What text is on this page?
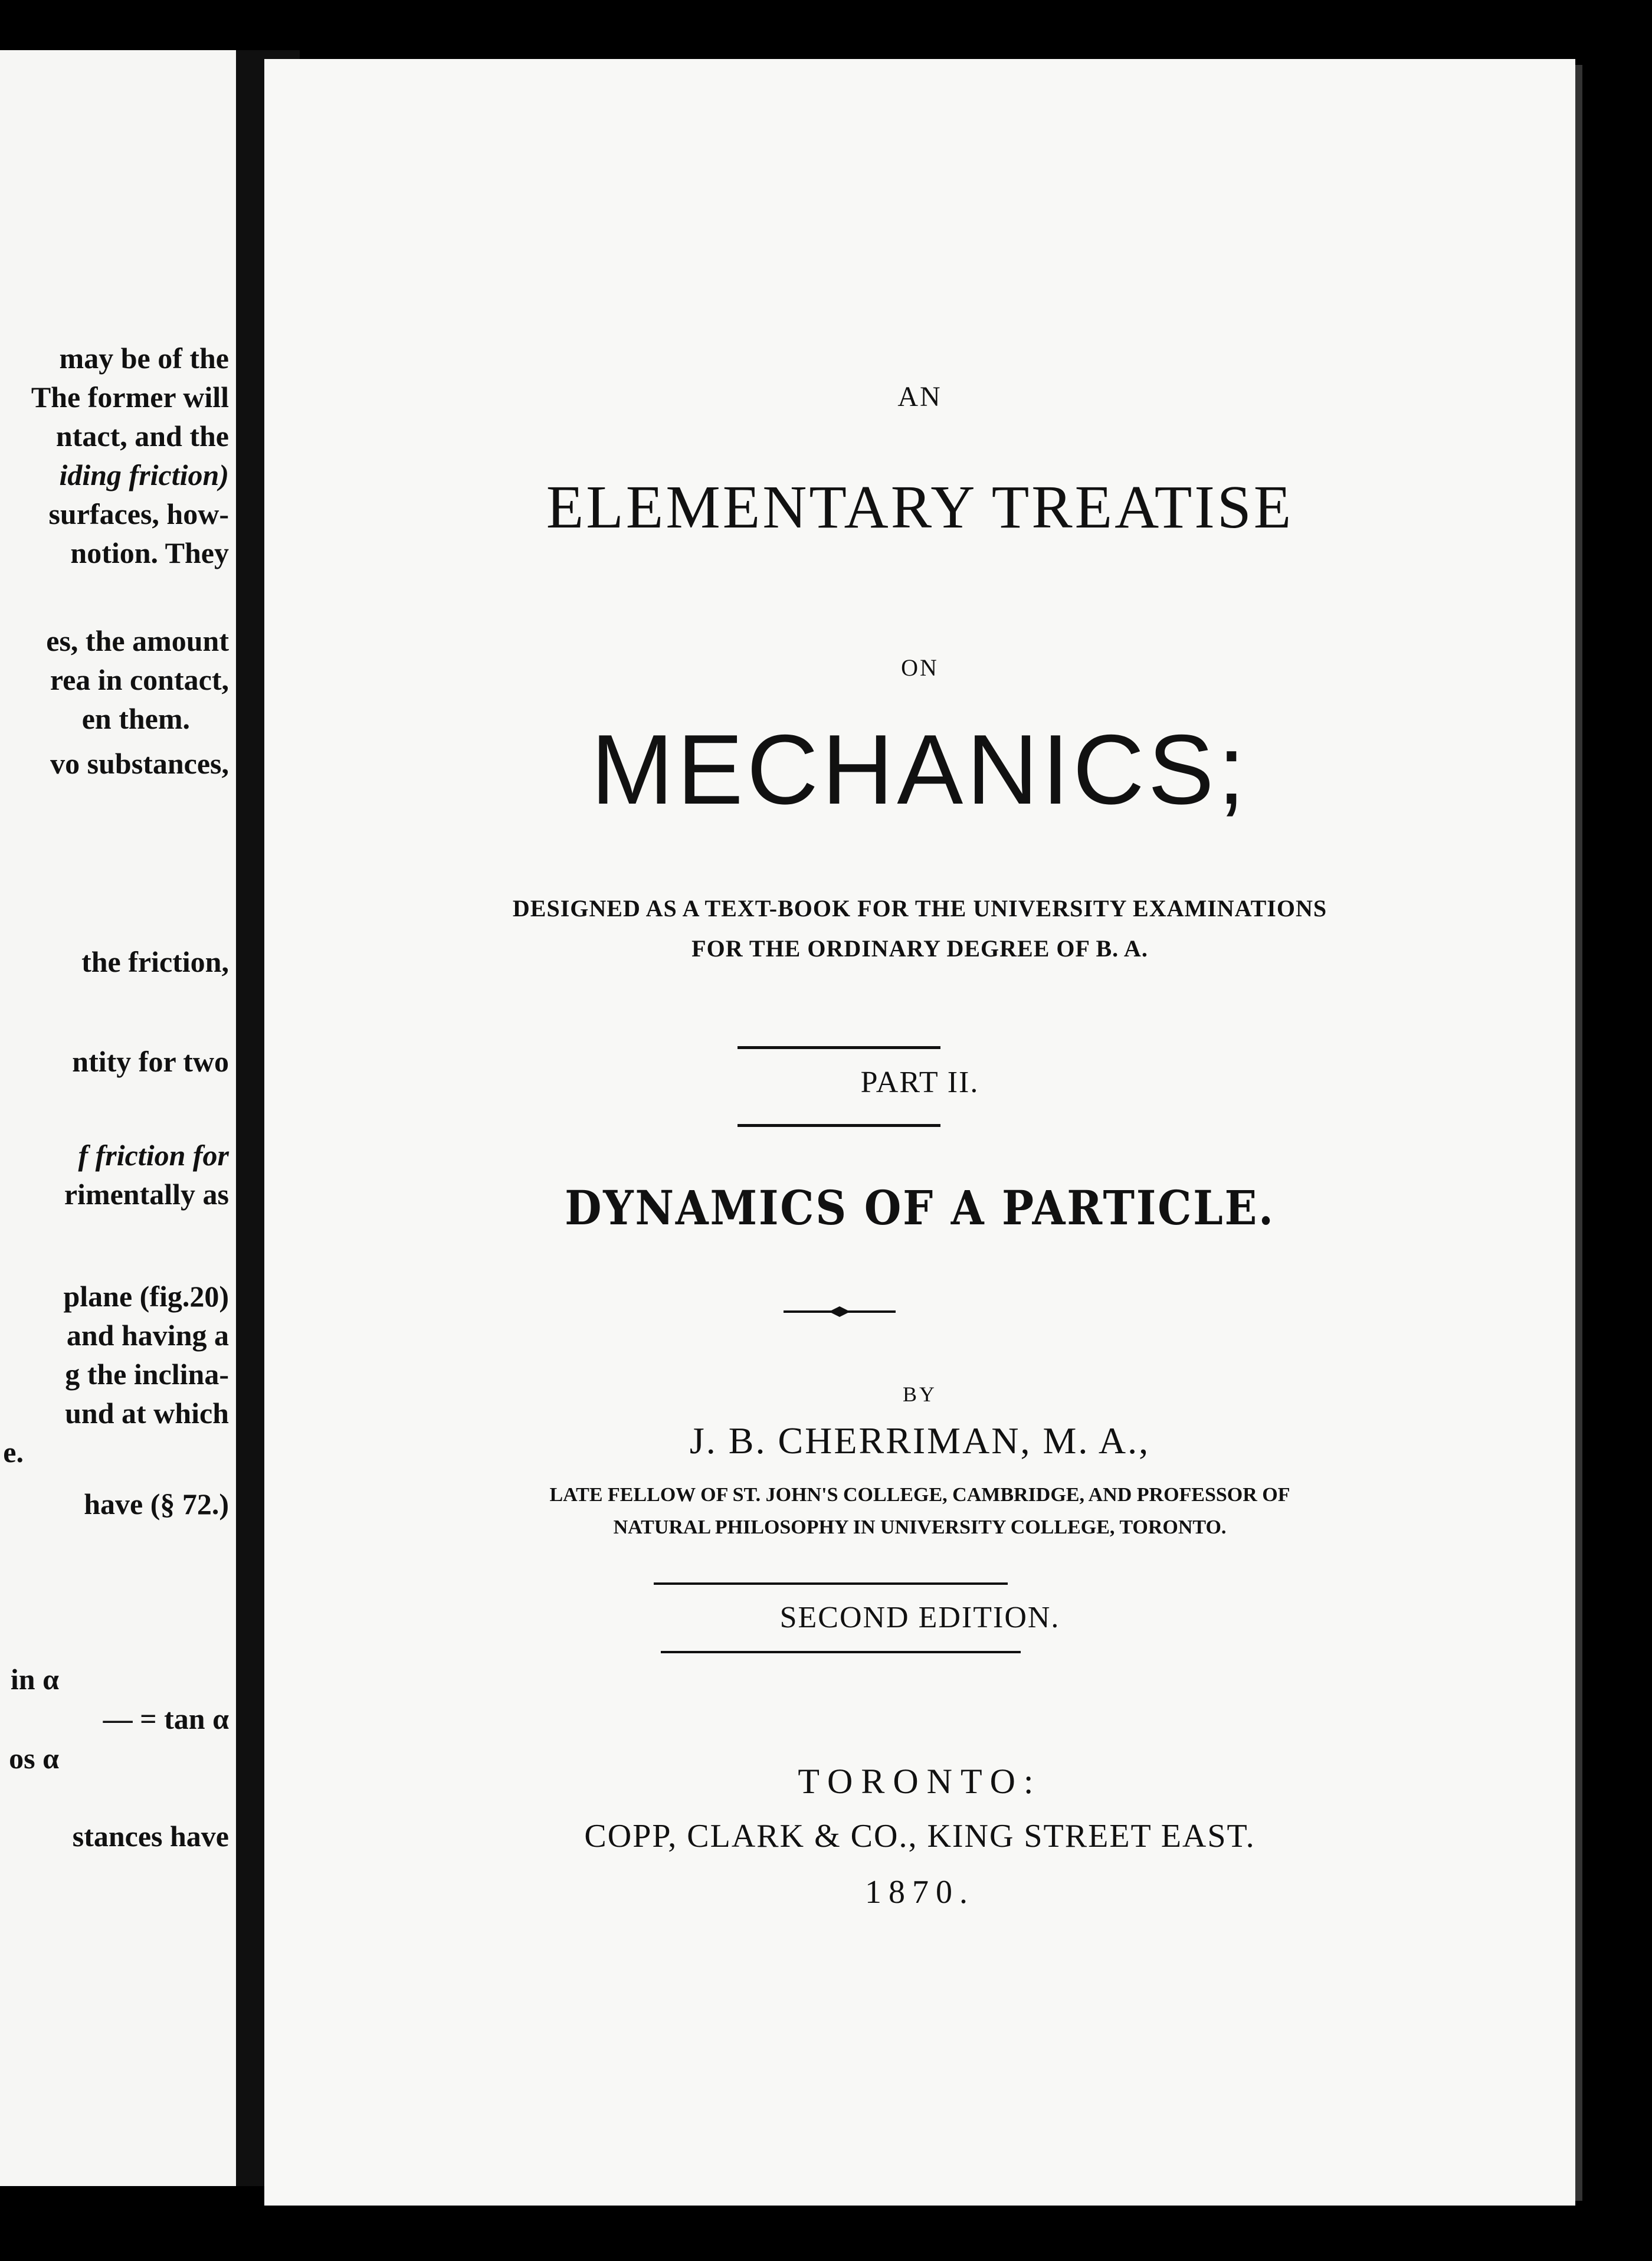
may be of the
The former will
ntact, and the
iding friction)
surfaces, how-
notion. They
es, the amount
rea in contact,
en them.
vo substances,
the friction,
ntity for two
f friction for
rimentally as
plane (fig.20)
and having a
g the inclina-
und at which
e.
have (§ 72.)
in α
— = tan α
os α
stances have
AN
ELEMENTARY TREATISE
ON
MECHANICS;
DESIGNED AS A TEXT-BOOK FOR THE UNIVERSITY EXAMINATIONS
FOR THE ORDINARY DEGREE OF B. A.
PART II.
DYNAMICS OF A PARTICLE.
BY
J. B. CHERRIMAN, M. A.,
LATE FELLOW OF ST. JOHN'S COLLEGE, CAMBRIDGE, AND PROFESSOR OF
NATURAL PHILOSOPHY IN UNIVERSITY COLLEGE, TORONTO.
SECOND EDITION.
TORONTO:
COPP, CLARK & CO., KING STREET EAST.
1870.
